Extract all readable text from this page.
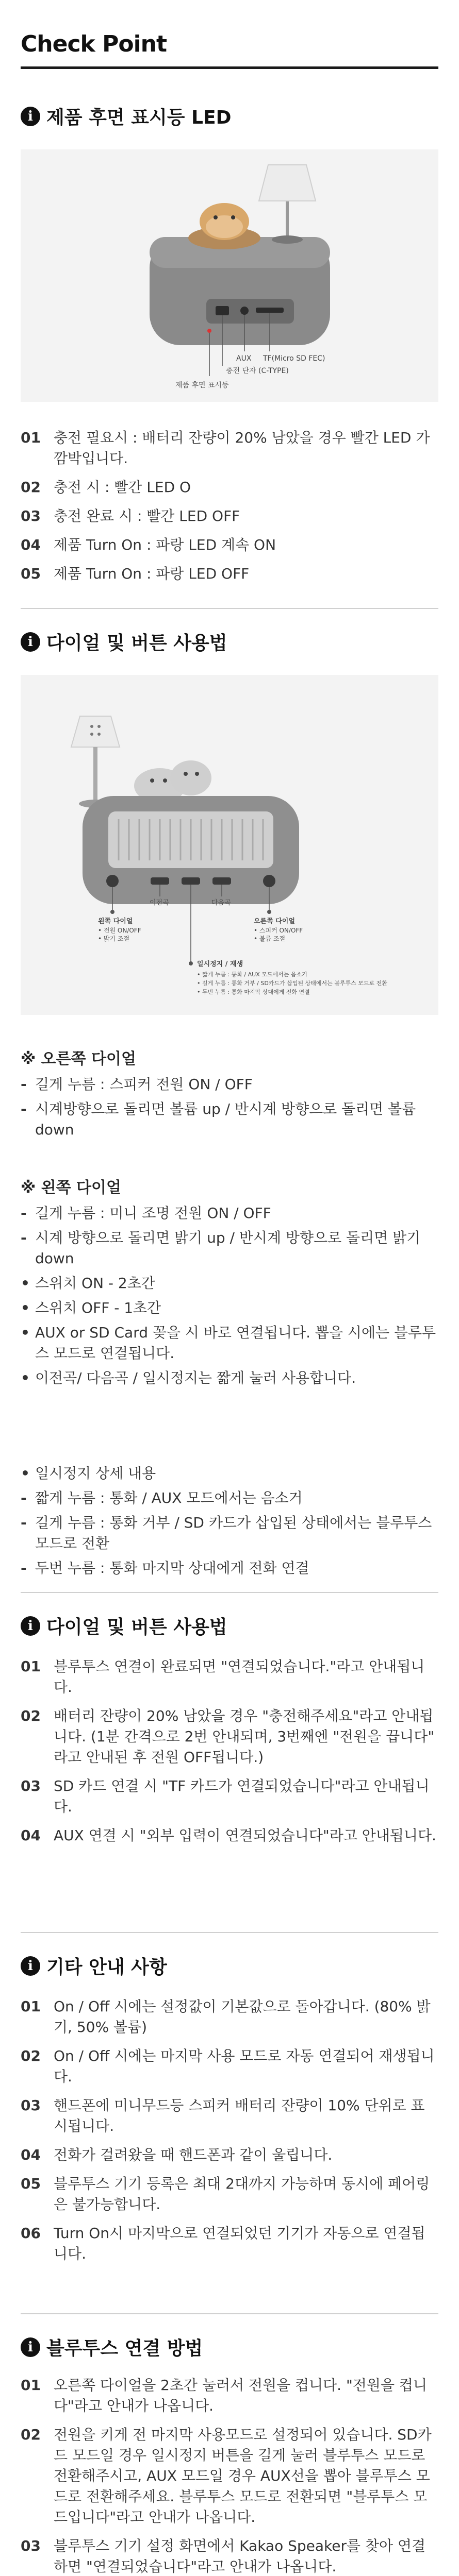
Check Point
i 제품 후면 표시등 LED
TF(Micro SD FEC)
AUX
충전 단자 (C-TYPE)
제품 후면 표시등
01 충전 필요시 : 배터리 잔량이 20% 남았을 경우 빨간 LED 가 깜박입니다.
02 충전 시 : 빨간 LED O
03 충전 완료 시 : 빨간 LED OFF
04 제품 Turn On : 파랑 LED 계속 ON
05 제품 Turn On : 파랑 LED OFF
i 다이얼 및 버튼 사용법
이전곡	다음곡
왼쪽 다이얼
• 전원 ON/OFF
• 밝기 조절
오른쪽 다이얼
• 스피커 ON/OFF
• 볼륨 조절
일시정지 / 재생
• 짧게 누름 : 통화 / AUX 모드에서는 음소거
• 길게 누름 : 통화 거부 / SD카드가 삽입된 상태에서는 블루투스 모드로 전환
• 두번 누름 : 통화 마지막 상대에게 전화 연결
※ 오른쪽 다이얼
- 길게 누름 : 스피커 전원 ON / OFF
- 시계방향으로 돌리면 볼륨 up / 반시계 방향으로 돌리면 볼륨 down
※ 왼쪽 다이얼
- 길게 누름 : 미니 조명 전원 ON / OFF
- 시계 방향으로 돌리면 밝기 up / 반시계 방향으로 돌리면 밝기 down
• 스위치 ON - 2초간
• 스위치 OFF - 1초간
• AUX or SD Card 꽂을 시 바로 연결됩니다. 뽑을 시에는 블루투스 모드로 연결됩니다.
• 이전곡/ 다음곡 / 일시정지는 짧게 눌러 사용합니다.
• 일시정지 상세 내용
- 짧게 누름 : 통화 / AUX 모드에서는 음소거
- 길게 누름 : 통화 거부 / SD 카드가 삽입된 상태에서는 블루투스 모드로 전환
- 두번 누름 : 통화 마지막 상대에게 전화 연결
i 다이얼 및 버튼 사용법
01 블루투스 연결이 완료되면 "연결되었습니다."라고 안내됩니다.
02 배터리 잔량이 20% 남았을 경우 "충전해주세요"라고 안내됩니다. (1분 간격으로 2번 안내되며, 3번째엔 "전원을 끕니다" 라고 안내된 후 전원 OFF됩니다.)
03 SD 카드 연결 시 "TF 카드가 연결되었습니다"라고 안내됩니다.
04 AUX 연결 시 "외부 입력이 연결되었습니다"라고 안내됩니다.
i 기타 안내 사항
01 On / Off 시에는 설정값이 기본값으로 돌아갑니다. (80% 밝기, 50% 볼륨)
02 On / Off 시에는 마지막 사용 모드로 자동 연결되어 재생됩니다.
03 핸드폰에 미니무드등 스피커 배터리 잔량이 10% 단위로 표시됩니다.
04 전화가 걸려왔을 때 핸드폰과 같이 울립니다.
05 블루투스 기기 등록은 최대 2대까지 가능하며 동시에 페어링은 불가능합니다.
06 Turn On시 마지막으로 연결되었던 기기가 자동으로 연결됩니다.
i 블루투스 연결 방법
01 오른쪽 다이얼을 2초간 눌러서 전원을 켭니다. "전원을 켭니다"라고 안내가 나옵니다.
02 전원을 키게 전 마지막 사용모드로 설정되어 있습니다. SD카드 모드일 경우 일시정지 버튼을 길게 눌러 블루투스 모드로 전환해주시고, AUX 모드일 경우 AUX선을 뽑아 블루투스 모드로 전환해주세요. 블루투스 모드로 전환되면 "블루투스 모드입니다"라고 안내가 나옵니다.
03 블루투스 기기 설정 화면에서 Kakao Speaker를 찾아 연결하면 "연결되었습니다"라고 안내가 나옵니다.
